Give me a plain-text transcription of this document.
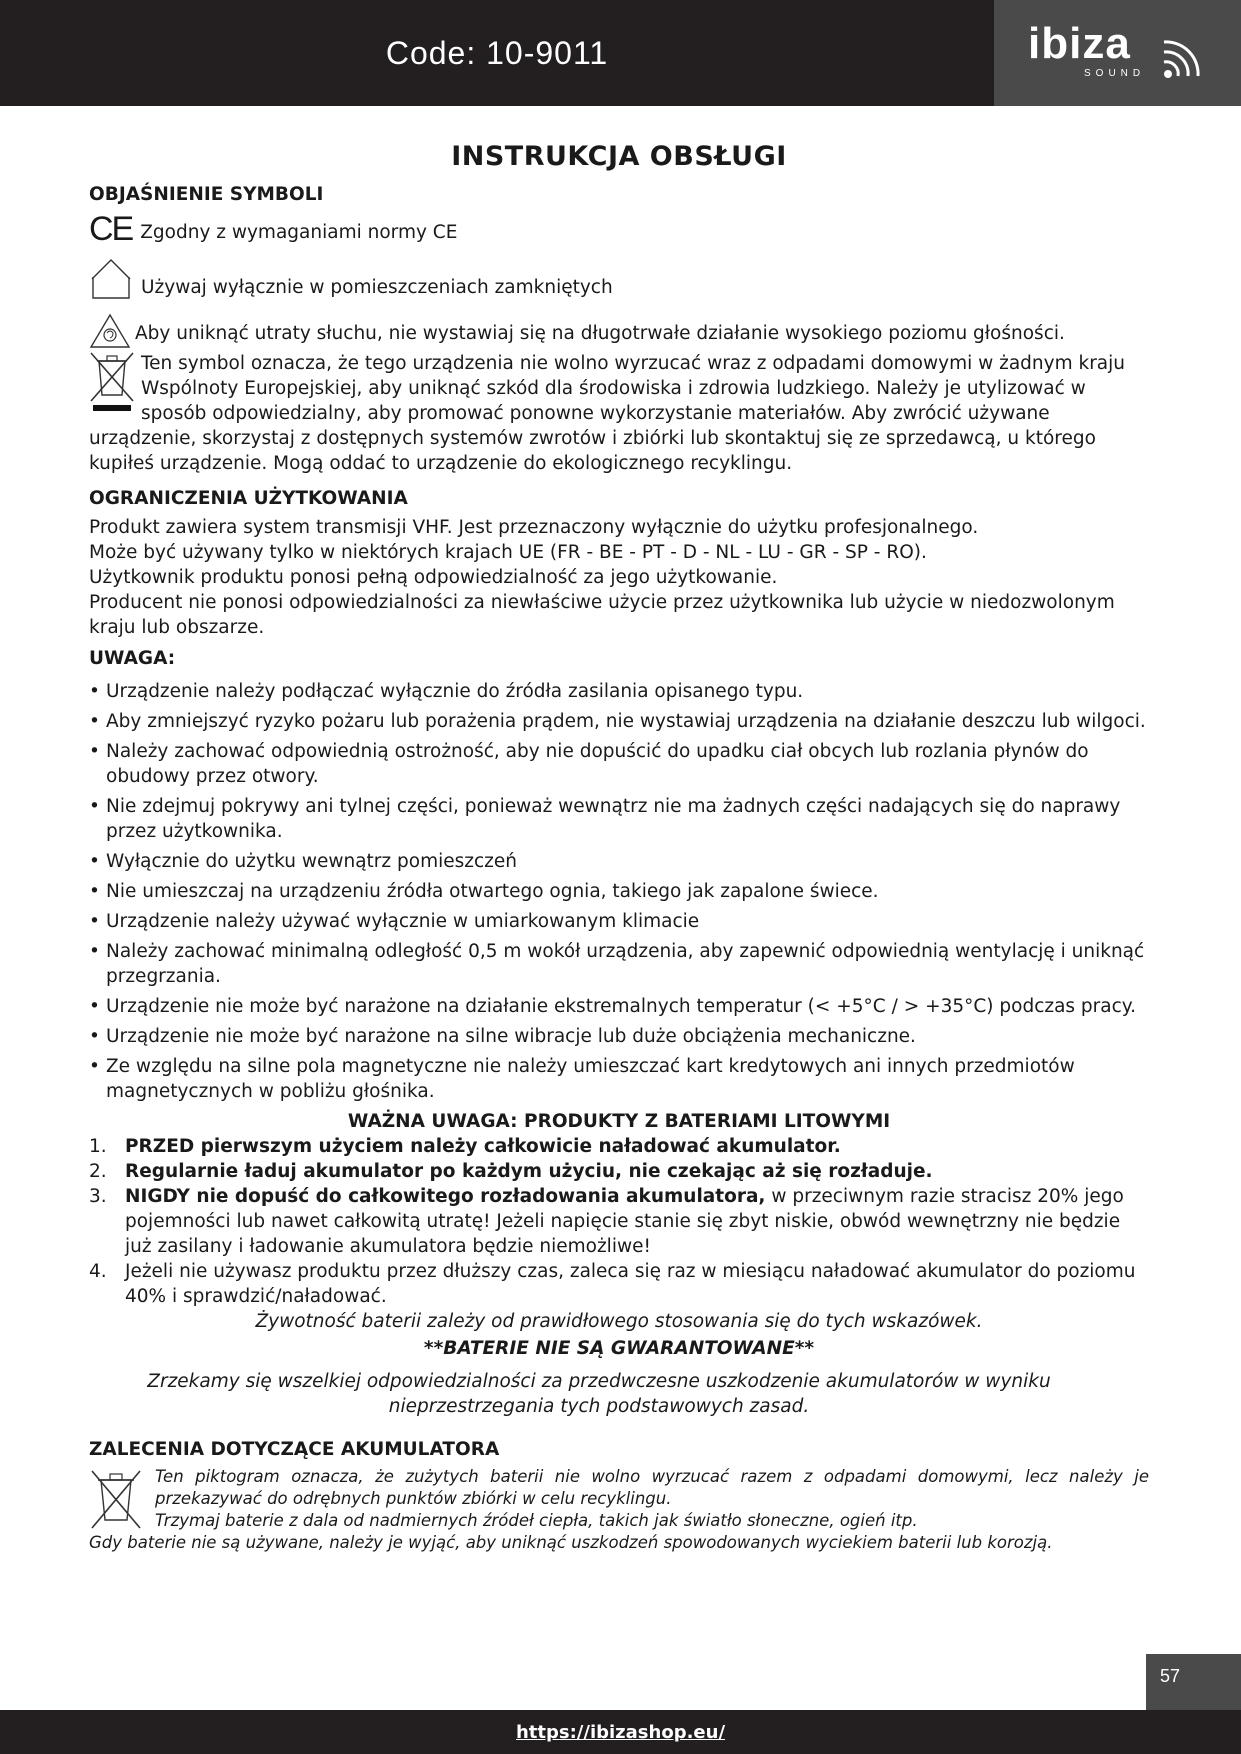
Code: 10-9011	ibiza
SOUND
INSTRUKCJA OBSŁUGI
OBJAŚNIENIE SYMBOLI
CE Zgodny z wymaganiami normy CE
Używaj wyłącznie w pomieszczeniach zamkniętych
Aby uniknąć utraty słuchu, nie wystawiaj się na długotrwałe działanie wysokiego poziomu głośności.

Ten symbol oznacza, że tego urządzenia nie wolno wyrzucać wraz z odpadami domowymi w żadnym kraju Wspólnoty Europejskiej, aby uniknąć szkód dla środowiska i zdrowia ludzkiego. Należy je utylizować w sposób odpowiedzialny, aby promować ponowne wykorzystanie materiałów. Aby zwrócić używane urządzenie, skorzystaj z dostępnych systemów zwrotów i zbiórki lub skontaktuj się ze sprzedawcą, u którego kupiłeś urządzenie. Mogą oddać to urządzenie do ekologicznego recyklingu.

OGRANICZENIA UŻYTKOWANIA

Produkt zawiera system transmisji VHF. Jest przeznaczony wyłącznie do użytku profesjonalnego.

Może być używany tylko w niektórych krajach UE (FR - BE - PT - D - NL - LU - GR - SP - RO).

Użytkownik produktu ponosi pełną odpowiedzialność za jego użytkowanie.

Producent nie ponosi odpowiedzialności za niewłaściwe użycie przez użytkownika lub użycie w niedozwolonym kraju lub obszarze.

UWAGA:
• Urządzenie należy podłączać wyłącznie do źródła zasilania opisanego typu.
• Aby zmniejszyć ryzyko pożaru lub porażenia prądem, nie wystawiaj urządzenia na działanie deszczu lub wilgoci.
• Należy zachować odpowiednią ostrożność, aby nie dopuścić do upadku ciał obcych lub rozlania płynów do obudowy przez otwory.
• Nie zdejmuj pokrywy ani tylnej części, ponieważ wewnątrz nie ma żadnych części nadających się do naprawy przez użytkownika.
• Wyłącznie do użytku wewnątrz pomieszczeń
• Nie umieszczaj na urządzeniu źródła otwartego ognia, takiego jak zapalone świece.
• Urządzenie należy używać wyłącznie w umiarkowanym klimacie
• Należy zachować minimalną odległość 0,5 m wokół urządzenia, aby zapewnić odpowiednią wentylację i uniknąć przegrzania.
• Urządzenie nie może być narażone na działanie ekstremalnych temperatur (< +5°C / > +35°C) podczas pracy.
• Urządzenie nie może być narażone na silne wibracje lub duże obciążenia mechaniczne.
• Ze względu na silne pola magnetyczne nie należy umieszczać kart kredytowych ani innych przedmiotów magnetycznych w pobliżu głośnika.
WAŻNA UWAGA: PRODUKTY Z BATERIAMI LITOWYMI
1. PRZED pierwszym użyciem należy całkowicie naładować akumulator.
2. Regularnie ładuj akumulator po każdym użyciu, nie czekając aż się rozładuje.
3. NIGDY nie dopuść do całkowitego rozładowania akumulatora, w przeciwnym razie stracisz 20% jego pojemności lub nawet całkowitą utratę! Jeżeli napięcie stanie się zbyt niskie, obwód wewnętrzny nie będzie już zasilany i ładowanie akumulatora będzie niemożliwe!
4. Jeżeli nie używasz produktu przez dłuższy czas, zaleca się raz w miesiącu naładować akumulator do poziomu 40% i sprawdzić/naładować.
Żywotność baterii zależy od prawidłowego stosowania się do tych wskazówek.
**BATERIE NIE SĄ GWARANTOWANE**
Zrzekamy się wszelkiej odpowiedzialności za przedwczesne uszkodzenie akumulatorów w wyniku nieprzestrzegania tych podstawowych zasad.
ZALECENIA DOTYCZĄCE AKUMULATORA
Ten piktogram oznacza, że zużytych baterii nie wolno wyrzucać razem z odpadami domowymi, lecz należy je przekazywać do odrębnych punktów zbiórki w celu recyklingu.
Trzymaj baterie z dala od nadmiernych źródeł ciepła, takich jak światło słoneczne, ogień itp.
Gdy baterie nie są używane, należy je wyjąć, aby uniknąć uszkodzeń spowodowanych wyciekiem baterii lub korozją.
57
https://ibizashop.eu/
